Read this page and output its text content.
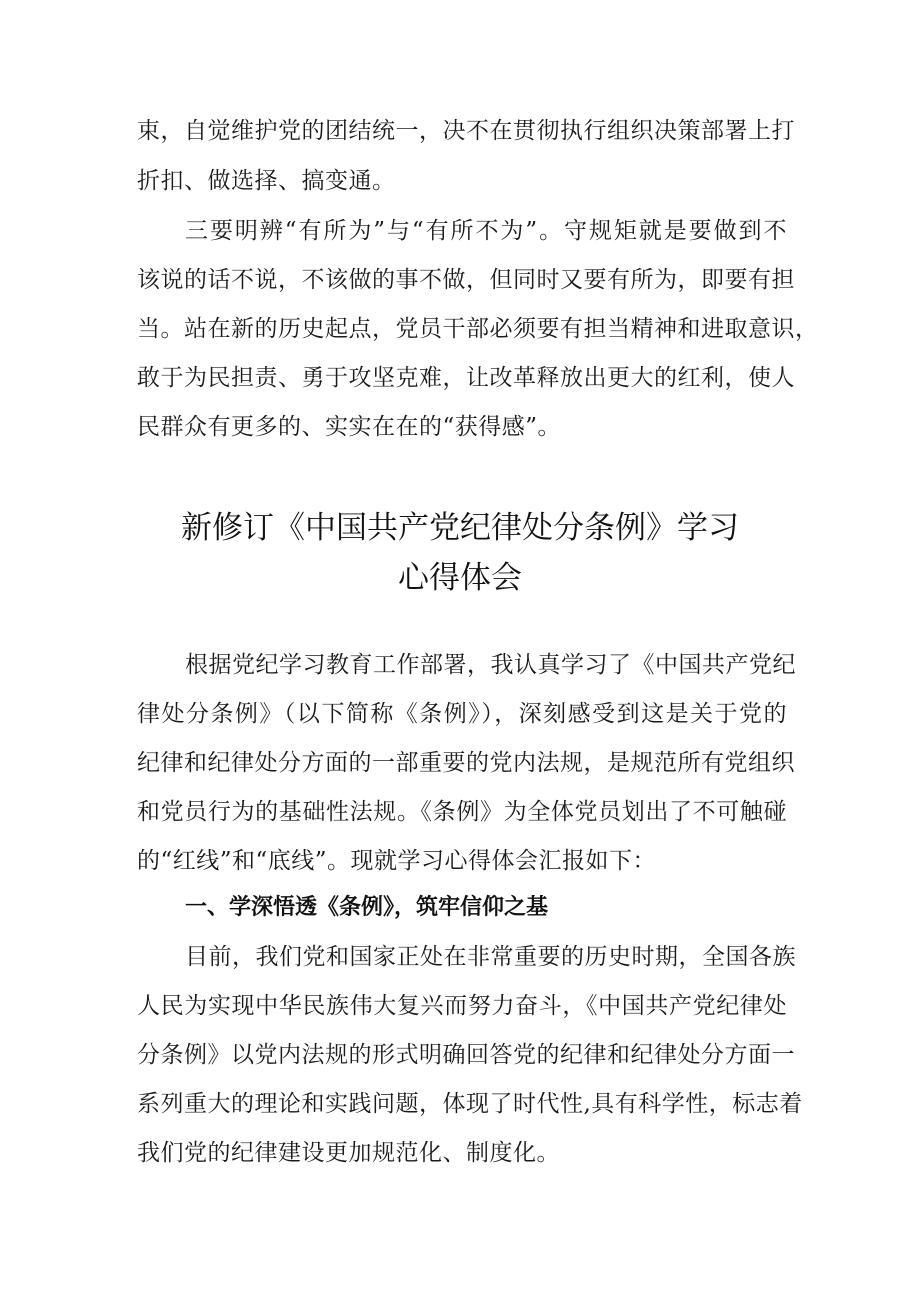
束，自觉维护党的团结统一，决不在贯彻执行组织决策部署上打
折扣、做选择、搞变通。
三要明辨“有所为”与“有所不为”。守规矩就是要做到不
该说的话不说，不该做的事不做，但同时又要有所为，即要有担
当。站在新的历史起点，党员干部必须要有担当精神和进取意识，
敢于为民担责、勇于攻坚克难，让改革释放出更大的红利，使人
民群众有更多的、实实在在的“获得感”。
新修订《中国共产党纪律处分条例》学习
心得体会
根据党纪学习教育工作部署，我认真学习了《中国共产党纪
律处分条例》（以下简称《条例》），深刻感受到这是关于党的
纪律和纪律处分方面的一部重要的党内法规，是规范所有党组织
和党员行为的基础性法规。《条例》为全体党员划出了不可触碰
的“红线”和“底线”。现就学习心得体会汇报如下：
一、学深悟透《条例》，筑牢信仰之基
目前，我们党和国家正处在非常重要的历史时期，全国各族
人民为实现中华民族伟大复兴而努力奋斗，《中国共产党纪律处
分条例》以党内法规的形式明确回答党的纪律和纪律处分方面一
系列重大的理论和实践问题，体现了时代性,具有科学性，标志着
我们党的纪律建设更加规范化、制度化。
